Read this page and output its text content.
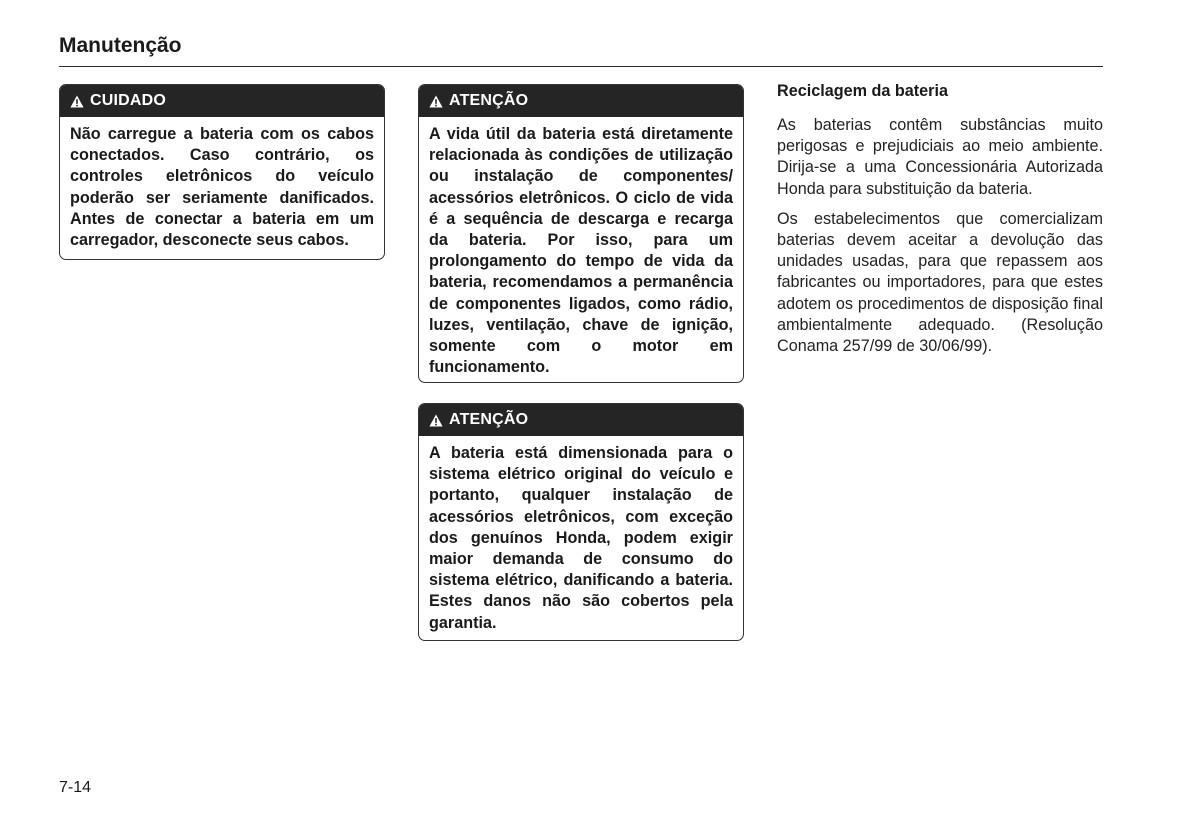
Manutenção
CUIDADO
Não carregue a bateria com os cabos conectados. Caso contrário, os controles eletrônicos do veículo poderão ser seriamente danificados. Antes de conectar a bateria em um carregador, desconecte seus cabos.
ATENÇÃO
A vida útil da bateria está diretamente relacionada às condições de utilização ou instalação de componentes/ acessórios eletrônicos. O ciclo de vida é a sequência de descarga e recarga da bateria. Por isso, para um prolongamento do tempo de vida da bateria, recomendamos a permanência de componentes ligados, como rádio, luzes, ventilação, chave de ignição, somente com o motor em funcionamento.
ATENÇÃO
A bateria está dimensionada para o sistema elétrico original do veículo e portanto, qualquer instalação de acessórios eletrônicos, com exceção dos genuínos Honda, podem exigir maior demanda de consumo do sistema elétrico, danificando a bateria. Estes danos não são cobertos pela garantia.
Reciclagem da bateria

As baterias contêm substâncias muito perigosas e prejudiciais ao meio ambiente. Dirija-se a uma Concessionária Autorizada Honda para substituição da bateria.

Os estabelecimentos que comercializam baterias devem aceitar a devolução das unidades usadas, para que repassem aos fabricantes ou importadores, para que estes adotem os procedimentos de disposição final ambientalmente adequado. (Resolução Conama 257/99 de 30/06/99).

7-14
